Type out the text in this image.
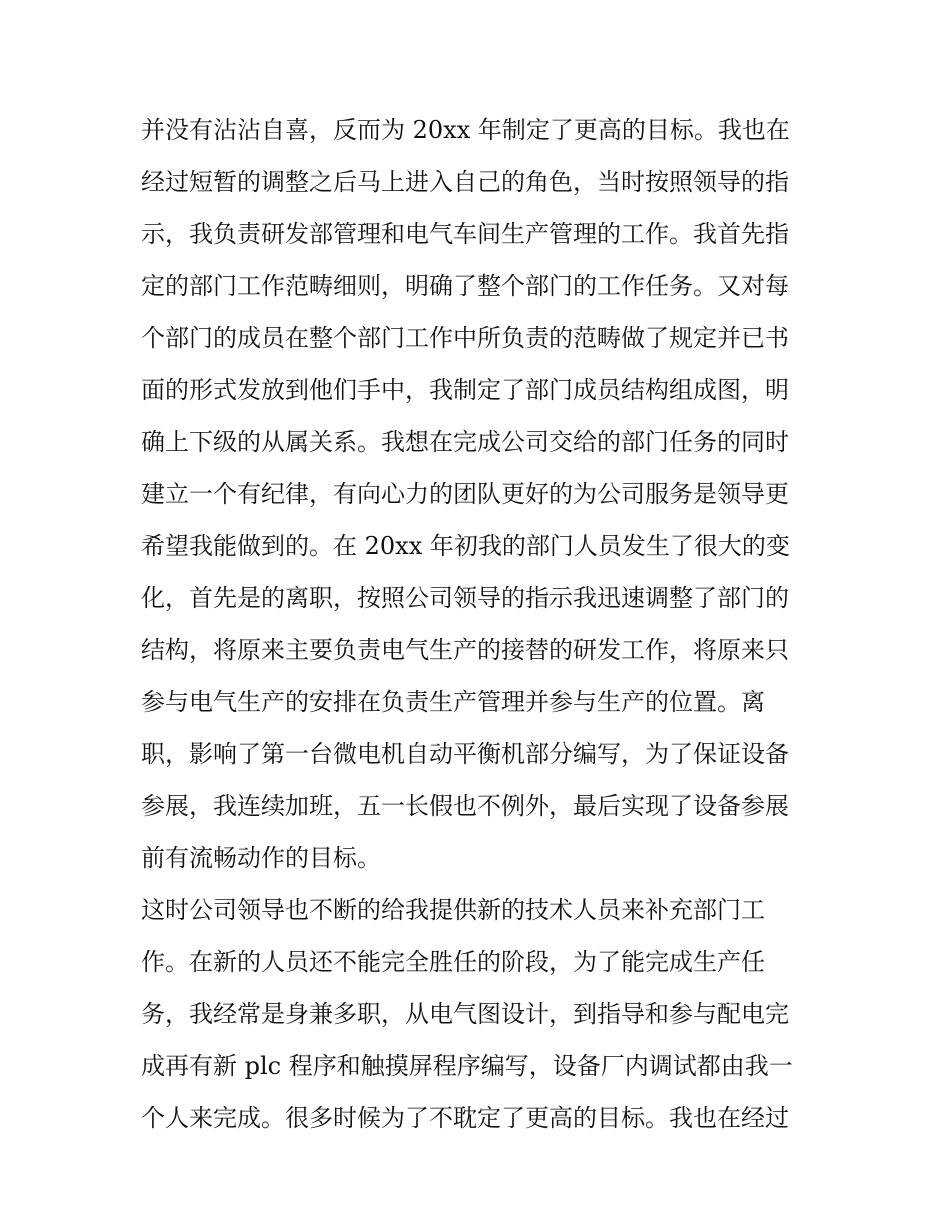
并没有沾沾自喜，反而为 20xx 年制定了更高的目标。我也在
经过短暂的调整之后马上进入自己的角色，当时按照领导的指
示，我负责研发部管理和电气车间生产管理的工作。我首先指
定的部门工作范畴细则，明确了整个部门的工作任务。又对每
个部门的成员在整个部门工作中所负责的范畴做了规定并已书
面的形式发放到他们手中，我制定了部门成员结构组成图，明
确上下级的从属关系。我想在完成公司交给的部门任务的同时
建立一个有纪律，有向心力的团队更好的为公司服务是领导更
希望我能做到的。在 20xx 年初我的部门人员发生了很大的变
化，首先是的离职，按照公司领导的指示我迅速调整了部门的
结构，将原来主要负责电气生产的接替的研发工作，将原来只
参与电气生产的安排在负责生产管理并参与生产的位置。离
职，影响了第一台微电机自动平衡机部分编写，为了保证设备
参展，我连续加班，五一长假也不例外，最后实现了设备参展
前有流畅动作的目标。
这时公司领导也不断的给我提供新的技术人员来补充部门工
作。在新的人员还不能完全胜任的阶段，为了能完成生产任
务，我经常是身兼多职，从电气图设计，到指导和参与配电完
成再有新 plc 程序和触摸屏程序编写，设备厂内调试都由我一
个人来完成。很多时候为了不耽定了更高的目标。我也在经过
